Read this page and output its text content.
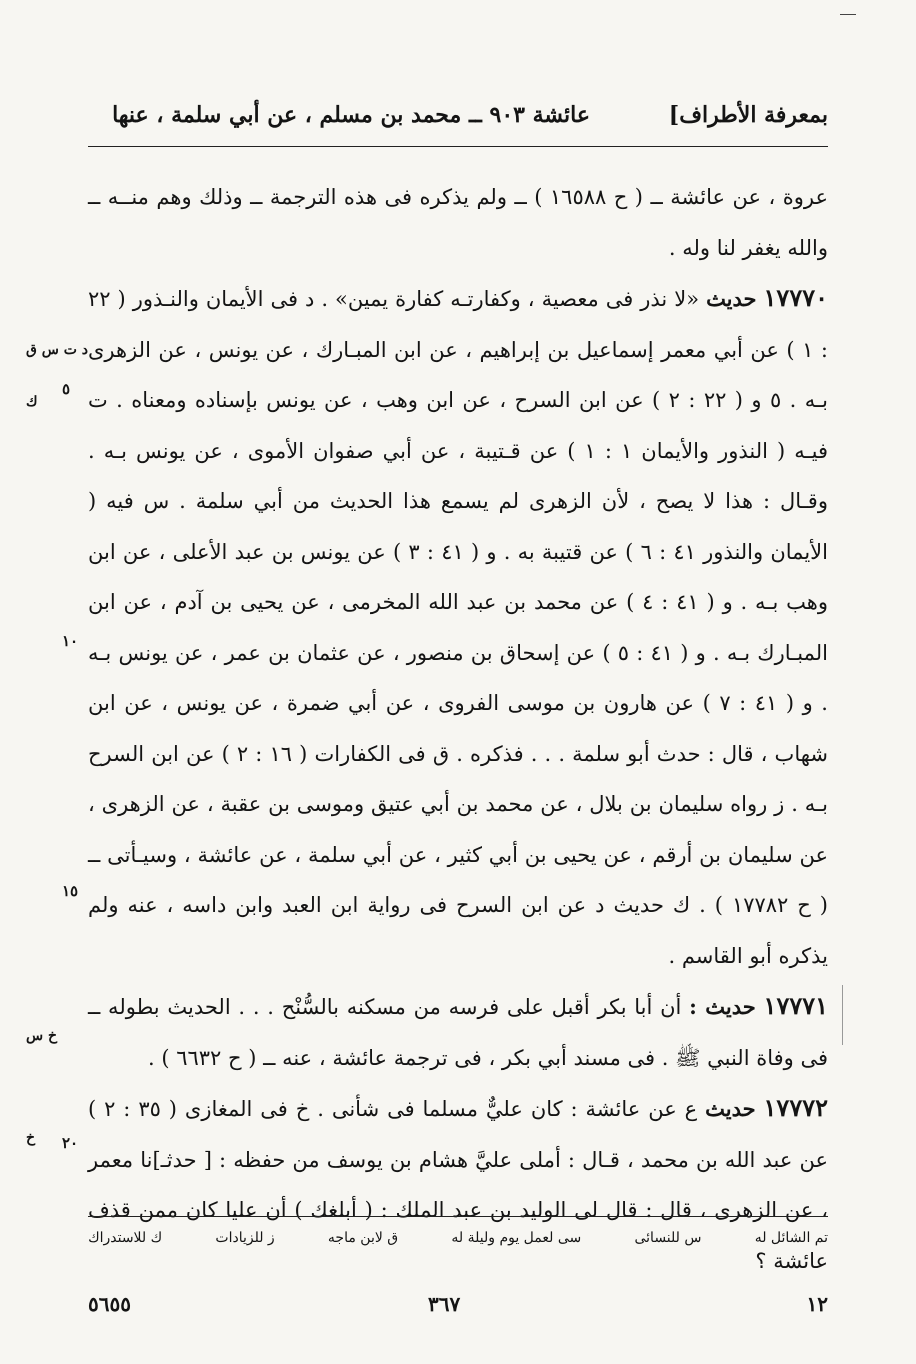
بمعرفة الأطراف]
عائشة ٩٠٣ ــ محمد بن مسلم ، عن أبي سلمة ، عنها

عروة ، عن عائشة ــ ( ح ١٦٥٨٨ ) ــ ولم يذكره فى هذه الترجمة ــ وذلك وهم منــه ــ والله يغفر لنا وله .

د ت س ق
ك
١٧٧٧٠ حديث «لا نذر فى معصية ، وكفارتـه كفارة يمين» . د فى الأيمان والنـذور ( ٢٢ : ١ ) عن أبي معمر إسماعيل بن إبراهيم ، عن ابن المبـارك ، عن يونس ، عن الزهرى بـه . ٥ و ( ٢٢ : ٢ ) عن ابن السرح ، عن ابن وهب ، عن يونس بإسناده ومعناه . ت فيـه ( النذور والأيمان ١ : ١ ) عن قـتيبة ، عن أبي صفوان الأموى ، عن يونس بـه . وقـال : هذا لا يصح ، لأن الزهرى لم يسمع هذا الحديث من أبي سلمة . س فيه ( الأيمان والنذور ٤١ : ٦ ) عن قتيبة به . و ( ٤١ : ٣ ) عن يونس بن عبد الأعلى ، عن ابن وهب بـه . و ( ٤١ : ٤ ) عن محمد بن عبد الله المخرمى ، عن يحيى بن آدم ، عن ابن المبـارك بـه . و ( ٤١ : ٥ ) عن إسحاق بن منصور ، عن عثمان بن عمر ، عن يونس بـه . و ( ٤١ : ٧ ) عن هارون بن موسى الفروى ، عن أبي ضمرة ، عن يونس ، عن ابن شهاب ، قال : حدث أبو سلمة . . . فذكره . ق فى الكفارات ( ١٦ : ٢ ) عن ابن السرح بـه . ز رواه سليمان بن بلال ، عن محمد بن أبي عتيق وموسى بن عقبة ، عن الزهرى ، عن سليمان بن أرقم ، عن يحيى بن أبي كثير ، عن أبي سلمة ، عن عائشة ، وسيـأتى ــ ( ح ١٧٧٨٢ ) . ك حديث د عن ابن السرح فى رواية ابن العبد وابن داسه ، عنه ولم يذكره أبو القاسم .

خ س
١٧٧٧١ حديث : أن أبا بكر أقبل على فرسه من مسكنه بالسُّنْح . . . الحديث بطوله ــ فى وفاة النبي ﷺ . فى مسند أبي بكر ، فى ترجمة عائشة ، عنه ــ ( ح ٦٦٣٢ ) .

خ
١٧٧٧٢ حديث ع عن عائشة : كان عليٌّ مسلما فى شأنى . خ فى المغازى ( ٣٥ : ٢ ) عن عبد الله بن محمد ، قـال : أملى عليَّ هشام بن يوسف من حفظه : [ حدثـ]نا معمر ، عن الزهرى ، قال : قال لى الوليد بن عبد الملك : ( أبلغك ) أن عليا كان ممن قذف عائشة ؟

٥
١٠
١٥
٢٠
تم الشائل له
س للنسائى
سى لعمل يوم وليلة له
ق لابن ماجه
ز للزيادات
ك للاستدراك
٥٦٥٥	٣٦٧	١٢
